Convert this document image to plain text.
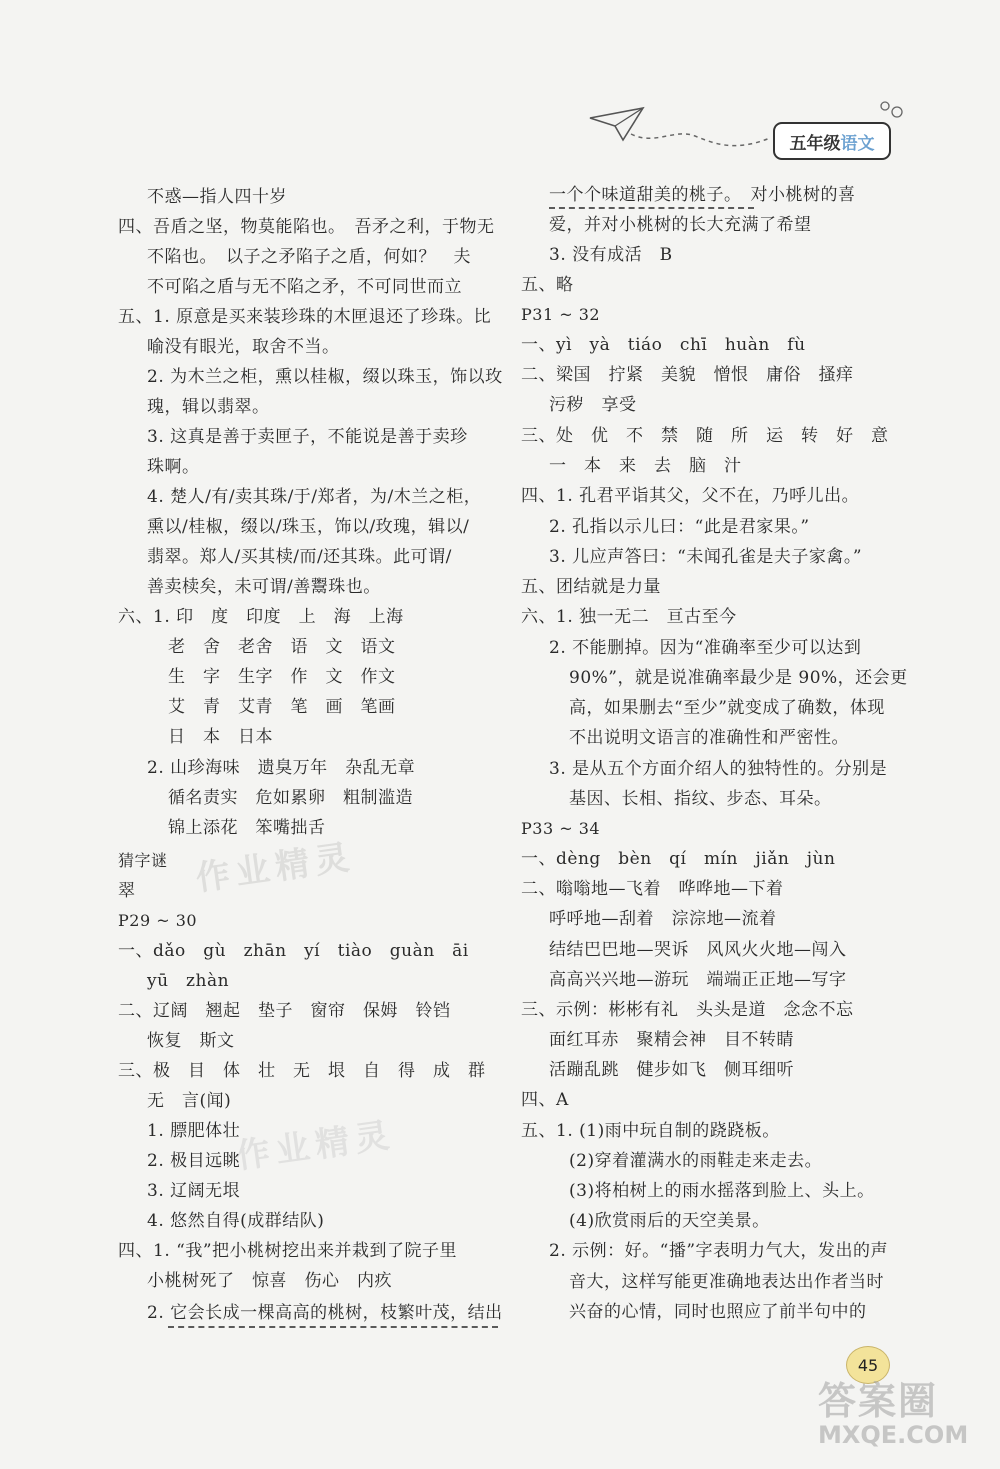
五年级 语文
不惑—指人四十岁
四、吾盾之坚，物莫能陷也。　吾矛之利，于物无
不陷也。　以子之矛陷子之盾，何如？　夫
不可陷之盾与无不陷之矛，不可同世而立
五、1. 原意是买来装珍珠的木匣退还了珍珠。比
喻没有眼光，取舍不当。
2. 为木兰之柜，熏以桂椒，缀以珠玉，饰以玫
瑰，辑以翡翠。
3. 这真是善于卖匣子，不能说是善于卖珍
珠啊。
4. 楚人/有/卖其珠/于/郑者，为/木兰之柜，
熏以/桂椒，缀以/珠玉，饰以/玫瑰，辑以/
翡翠。郑人/买其椟/而/还其珠。此可谓/
善卖椟矣，未可谓/善鬻珠也。
六、1. 印　度　印度　上　海　上海
老　舍　老舍　语　文　语文
生　字　生字　作　文　作文
艾　青　艾青　笔　画　笔画
日　本　日本
2. 山珍海味　遗臭万年　杂乱无章
循名责实　危如累卵　粗制滥造
锦上添花　笨嘴拙舌
猜字谜
翠
P29 ~ 30
一、dǎo　gù　zhān　yí　tiào　guàn　āi
yū　zhàn
二、辽阔　翘起　垫子　窗帘　保姆　铃铛
恢复　斯文
三、极　目　体　壮　无　垠　自　得　成　群
无　言(闻)
1. 膘肥体壮
2. 极目远眺
3. 辽阔无垠
4. 悠然自得(成群结队)
四、1. “我”把小桃树挖出来并栽到了院子里
小桃树死了　惊喜　伤心　内疚
2. 它会长成一棵高高的桃树，枝繁叶茂，结出
一个个味道甜美的桃子。　对小桃树的喜
爱，并对小桃树的长大充满了希望
3. 没有成活　B
五、略
P31 ~ 32
一、yì　yà　tiáo　chī　huàn　fù
二、梁国　拧紧　美貌　憎恨　庸俗　搔痒
污秽　享受
三、处　优　不　禁　随　所　运　转　好　意
一　本　来　去　脑　汁
四、1. 孔君平诣其父，父不在，乃呼儿出。
2. 孔指以示儿曰：“此是君家果。”
3. 儿应声答曰：“未闻孔雀是夫子家禽。”
五、团结就是力量
六、1. 独一无二　亘古至今
2. 不能删掉。因为“准确率至少可以达到
90%”，就是说准确率最少是 90%，还会更
高，如果删去“至少”就变成了确数，体现
不出说明文语言的准确性和严密性。
3. 是从五个方面介绍人的独特性的。分别是
基因、长相、指纹、步态、耳朵。
P33 ~ 34
一、dèng　bèn　qí　mín　jiǎn　jùn
二、嗡嗡地—飞着　哗哗地—下着
呼呼地—刮着　淙淙地—流着
结结巴巴地—哭诉　风风火火地—闯入
高高兴兴地—游玩　端端正正地—写字
三、示例：彬彬有礼　头头是道　念念不忘
面红耳赤　聚精会神　目不转睛
活蹦乱跳　健步如飞　侧耳细听
四、A
五、1. (1)雨中玩自制的跷跷板。
(2)穿着灌满水的雨鞋走来走去。
(3)将柏树上的雨水摇落到脸上、头上。
(4)欣赏雨后的天空美景。
2. 示例：好。“播”字表明力气大，发出的声
音大，这样写能更准确地表达出作者当时
兴奋的心情，同时也照应了前半句中的
作业精灵
作业精灵
45
答案圈
MXQE.COM
